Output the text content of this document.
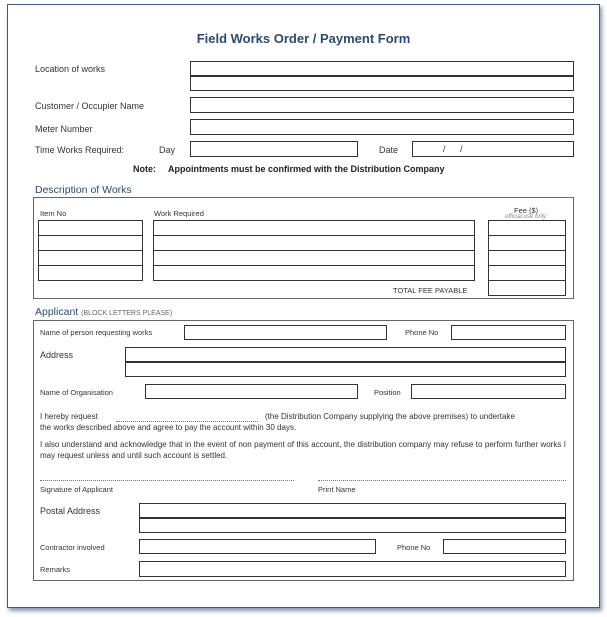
Field Works Order / Payment Form
Location of works
Customer / Occupier Name
Meter Number
Time Works Required:	Day	Date	/ /
Note: Appointments must be confirmed with the Distribution Company
Description of Works
Item No	Work Required	Fee ($)
official use only
TOTAL FEE PAYABLE
Applicant (BLOCK LETTERS PLEASE)
Name of person requesting works	Phone No
Address
Name of Organisation	Position
I hereby request	(the Distribution Company supplying the above premises) to undertake
the works described above and agree to pay the account within 30 days.
I also understand and acknowledge that in the event of non payment of this account, the distribution company may refuse to perform further works I may request unless and until such account is settled.
Signature of Applicant	Print Name
Postal Address
Contractor involved	Phone No
Remarks
